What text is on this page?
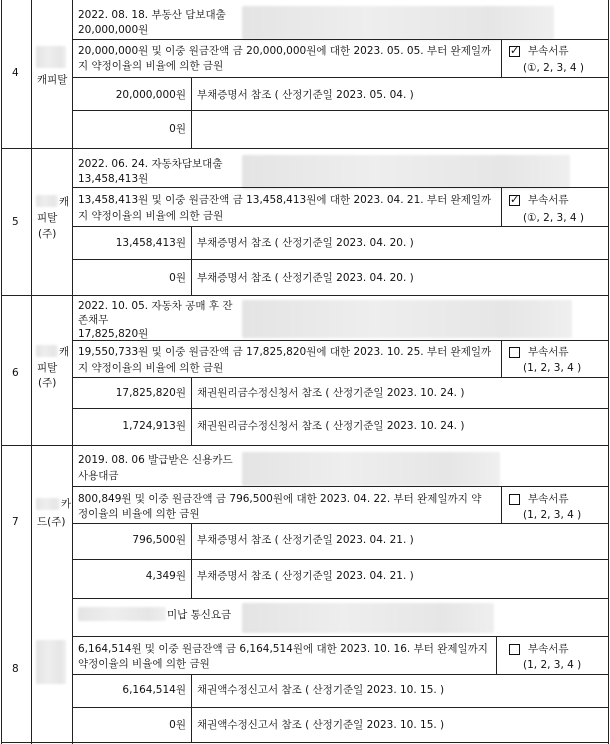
4
캐피탈
2022. 08. 18. 부동산 담보대출
20,000,000원
20,000,000원 및 이중 원금잔액 금 20,000,000원에 대한 2023. 05. 05. 부터 완제일까
지 약정이율의 비율에 의한 금원
✓
부속서류
(①, 2, 3, 4 )
20,000,000원 부채증명서 참조 ( 산정기준일 2023. 05. 04. )
0원
5
캐
피탈
(주)
2022. 06. 24. 자동차담보대출
13,458,413원
13,458,413원 및 이중 원금잔액 금 13,458,413원에 대한 2023. 04. 21. 부터 완제일까
지 약정이율의 비율에 의한 금원
✓
부속서류
(①, 2, 3, 4 )
13,458,413원 부채증명서 참조 ( 산정기준일 2023. 04. 20. )
0원 부채증명서 참조 ( 산정기준일 2023. 04. 20. )
6
캐
피탈
(주)
2022. 10. 05. 자동차 공매 후 잔
존채무
17,825,820원
19,550,733원 및 이중 원금잔액 금 17,825,820원에 대한 2023. 10. 25. 부터 완제일까
지 약정이율의 비율에 의한 금원
부속서류
(1, 2, 3, 4 )
17,825,820원 채권원리금수정신청서 참조 ( 산정기준일 2023. 10. 24. )
1,724,913원 채권원리금수정신청서 참조 ( 산정기준일 2023. 10. 24. )
7
카
드(주)
2019. 08. 06 발급받은 신용카드
사용대금
800,849원 및 이중 원금잔액 금 796,500원에 대한 2023. 04. 22. 부터 완제일까지 약
정이율의 비율에 의한 금원
부속서류
(1, 2, 3, 4 )
796,500원 부채증명서 참조 ( 산정기준일 2023. 04. 21. )
4,349원 부채증명서 참조 ( 산정기준일 2023. 04. 21. )
8
미납 통신요금
6,164,514원 및 이중 원금잔액 금 6,164,514원에 대한 2023. 10. 16. 부터 완제일까지
약정이율의 비율에 의한 금원
부속서류
(1, 2, 3, 4 )
6,164,514원 채권액수정신고서 참조 ( 산정기준일 2023. 10. 15. )
0원 채권액수정신고서 참조 ( 산정기준일 2023. 10. 15. )
